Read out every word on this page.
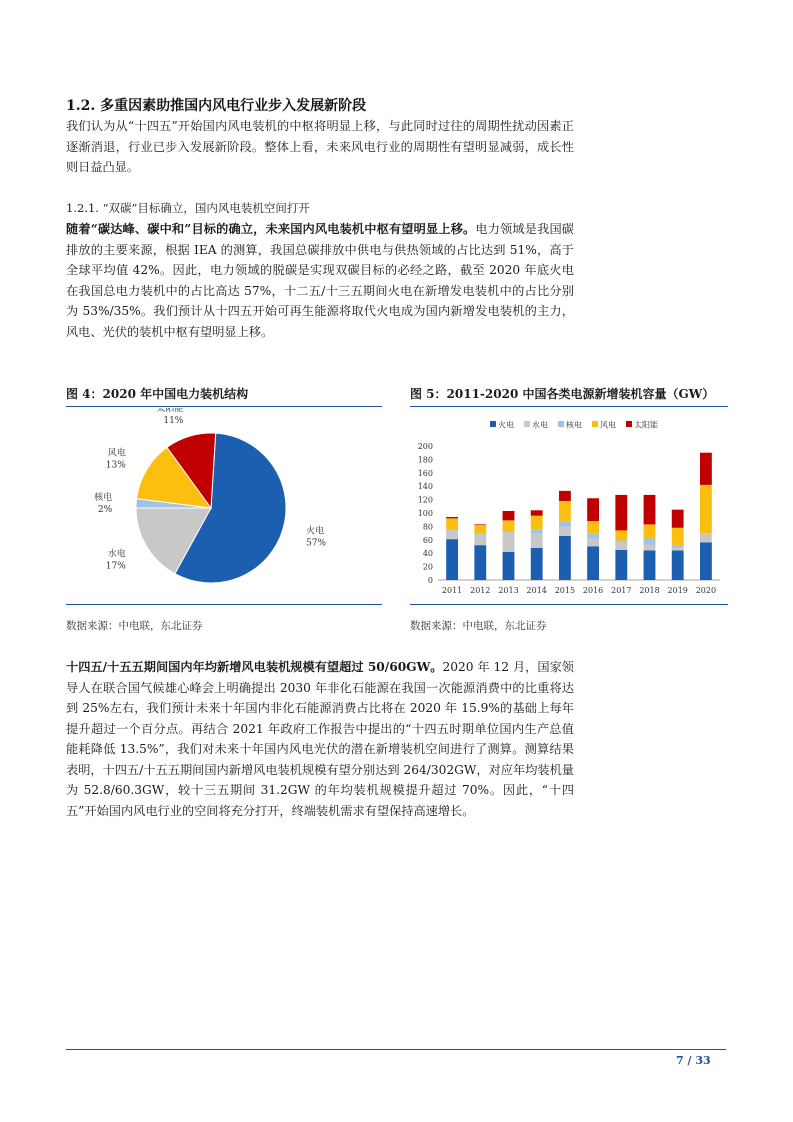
1.2. 多重因素助推国内风电行业步入发展新阶段
我们认为从“十四五”开始国内风电装机的中枢将明显上移，与此同时过往的周期性扰动因素正逐渐消退，行业已步入发展新阶段。整体上看，未来风电行业的周期性有望明显减弱，成长性则日益凸显。
1.2.1. “双碳”目标确立，国内风电装机空间打开
随着“碳达峰、碳中和”目标的确立，未来国内风电装机中枢有望明显上移。电力领域是我国碳排放的主要来源，根据 IEA 的测算，我国总碳排放中供电与供热领域的占比达到 51%，高于全球平均值 42%。因此，电力领域的脱碳是实现双碳目标的必经之路，截至 2020 年底火电在我国总电力装机中的占比高达 57%，十二五/十三五期间火电在新增发电装机中的占比分别为 53%/35%。我们预计从十四五开始可再生能源将取代火电成为国内新增发电装机的主力，风电、光伏的装机中枢有望明显上移。
图 4：2020 年中国电力装机结构
火电
57%
水电
17%
核电
2%
风电
13%
太阳能
11%
数据来源：中电联，东北证券
图 5：2011-2020 中国各类电源新增装机容量（GW）
火电 水电 核电 风电 太阳能
0
20
40
60
80
100
120
140
160
180
200
2011 2012 2013 2014 2015 2016 2017 2018 2019 2020
数据来源：中电联，东北证券
十四五/十五五期间国内年均新增风电装机规模有望超过 50/60GW。2020 年 12 月，国家领导人在联合国气候雄心峰会上明确提出 2030 年非化石能源在我国一次能源消费中的比重将达到 25%左右，我们预计未来十年国内非化石能源消费占比将在 2020 年 15.9%的基础上每年提升超过一个百分点。再结合 2021 年政府工作报告中提出的“十四五时期单位国内生产总值能耗降低 13.5%”，我们对未来十年国内风电光伏的潜在新增装机空间进行了测算。测算结果表明，十四五/十五五期间国内新增风电装机规模有望分别达到 264/302GW，对应年均装机量为 52.8/60.3GW，较十三五期间 31.2GW 的年均装机规模提升超过 70%。因此，“十四五”开始国内风电行业的空间将充分打开，终端装机需求有望保持高速增长。
7 / 33
